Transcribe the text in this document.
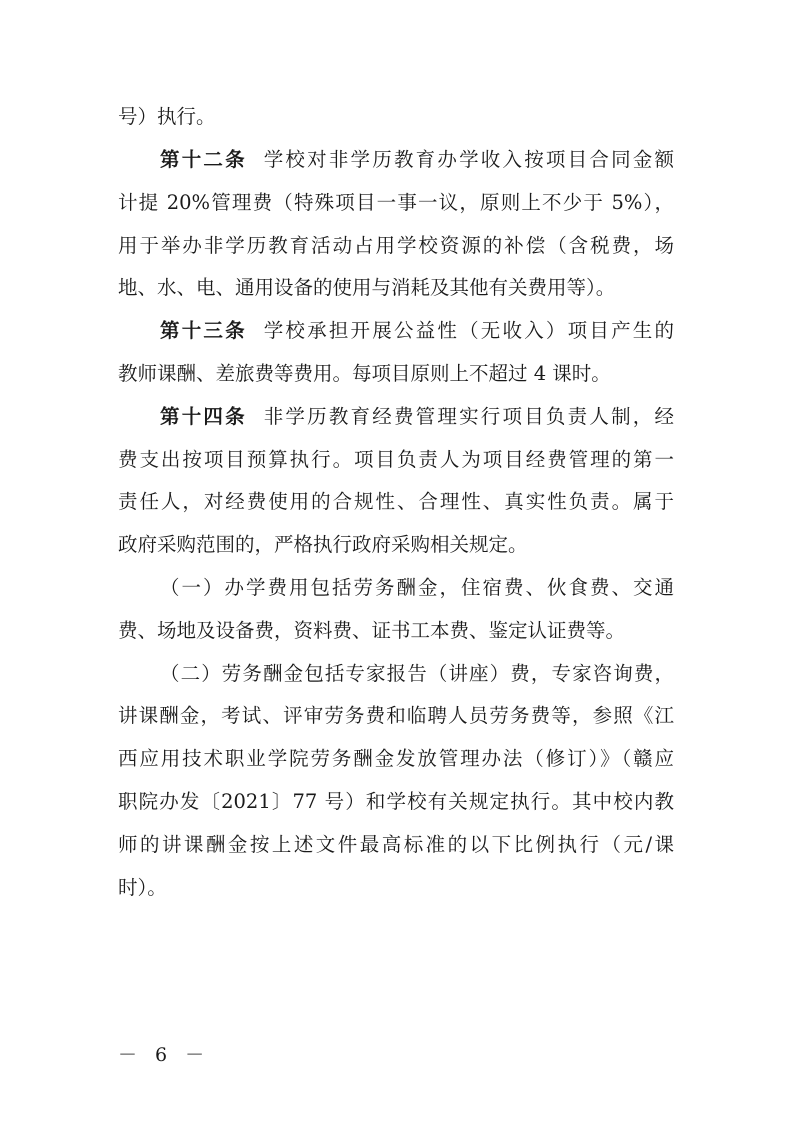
号）执行。
第十二条 学校对非学历教育办学收入按项目合同金额
计提 20%管理费（特殊项目一事一议，原则上不少于 5%），
用于举办非学历教育活动占用学校资源的补偿（含税费，场
地、水、电、通用设备的使用与消耗及其他有关费用等）。
第十三条 学校承担开展公益性（无收入）项目产生的
教师课酬、差旅费等费用。每项目原则上不超过 4 课时。
第十四条 非学历教育经费管理实行项目负责人制，经
费支出按项目预算执行。项目负责人为项目经费管理的第一
责任人，对经费使用的合规性、合理性、真实性负责。属于
政府采购范围的，严格执行政府采购相关规定。
（一）办学费用包括劳务酬金，住宿费、伙食费、交通
费、场地及设备费，资料费、证书工本费、鉴定认证费等。
（二）劳务酬金包括专家报告（讲座）费，专家咨询费，
讲课酬金，考试、评审劳务费和临聘人员劳务费等，参照《江
西应用技术职业学院劳务酬金发放管理办法（修订）》（赣应
职院办发〔2021〕77 号）和学校有关规定执行。其中校内教
师的讲课酬金按上述文件最高标准的以下比例执行（元/课
时）。
－ 6 －
